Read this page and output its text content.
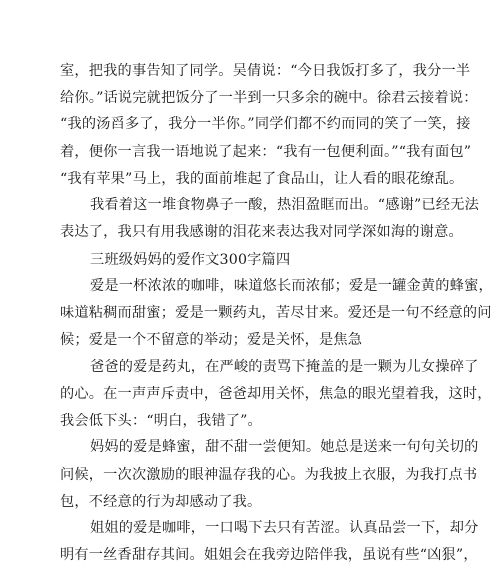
室，把我的事告知了同学。吴倩说：“今日我饭打多了，我分一半
给你。”话说完就把饭分了一半到一只多余的碗中。徐君云接着说：
“我的汤舀多了，我分一半你。”同学们都不约而同的笑了一笑，接
着，便你一言我一语地说了起来：“我有一包便利面。”“我有面包”
“我有苹果”马上，我的面前堆起了食品山，让人看的眼花缭乱。
我看着这一堆食物鼻子一酸，热泪盈眶而出。“感谢”已经无法
表达了，我只有用我感谢的泪花来表达我对同学深如海的谢意。
三班级妈妈的爱作文300字篇四
爱是一杯浓浓的咖啡，味道悠长而浓郁；爱是一罐金黄的蜂蜜，
味道粘稠而甜蜜；爱是一颗药丸，苦尽甘来。爱还是一句不经意的问
候；爱是一个不留意的举动；爱是关怀，是焦急
爸爸的爱是药丸，在严峻的责骂下掩盖的是一颗为儿女操碎了
的心。在一声声斥责中，爸爸却用关怀，焦急的眼光望着我，这时，
我会低下头：“明白，我错了”。
妈妈的爱是蜂蜜，甜不甜一尝便知。她总是送来一句句关切的
问候，一次次激励的眼神温存我的心。为我披上衣服，为我打点书
包，不经意的行为却感动了我。
姐姐的爱是咖啡，一口喝下去只有苦涩。认真品尝一下，却分
明有一丝香甜存其间。姐姐会在我旁边陪伴我，虽说有些“凶狠”，
